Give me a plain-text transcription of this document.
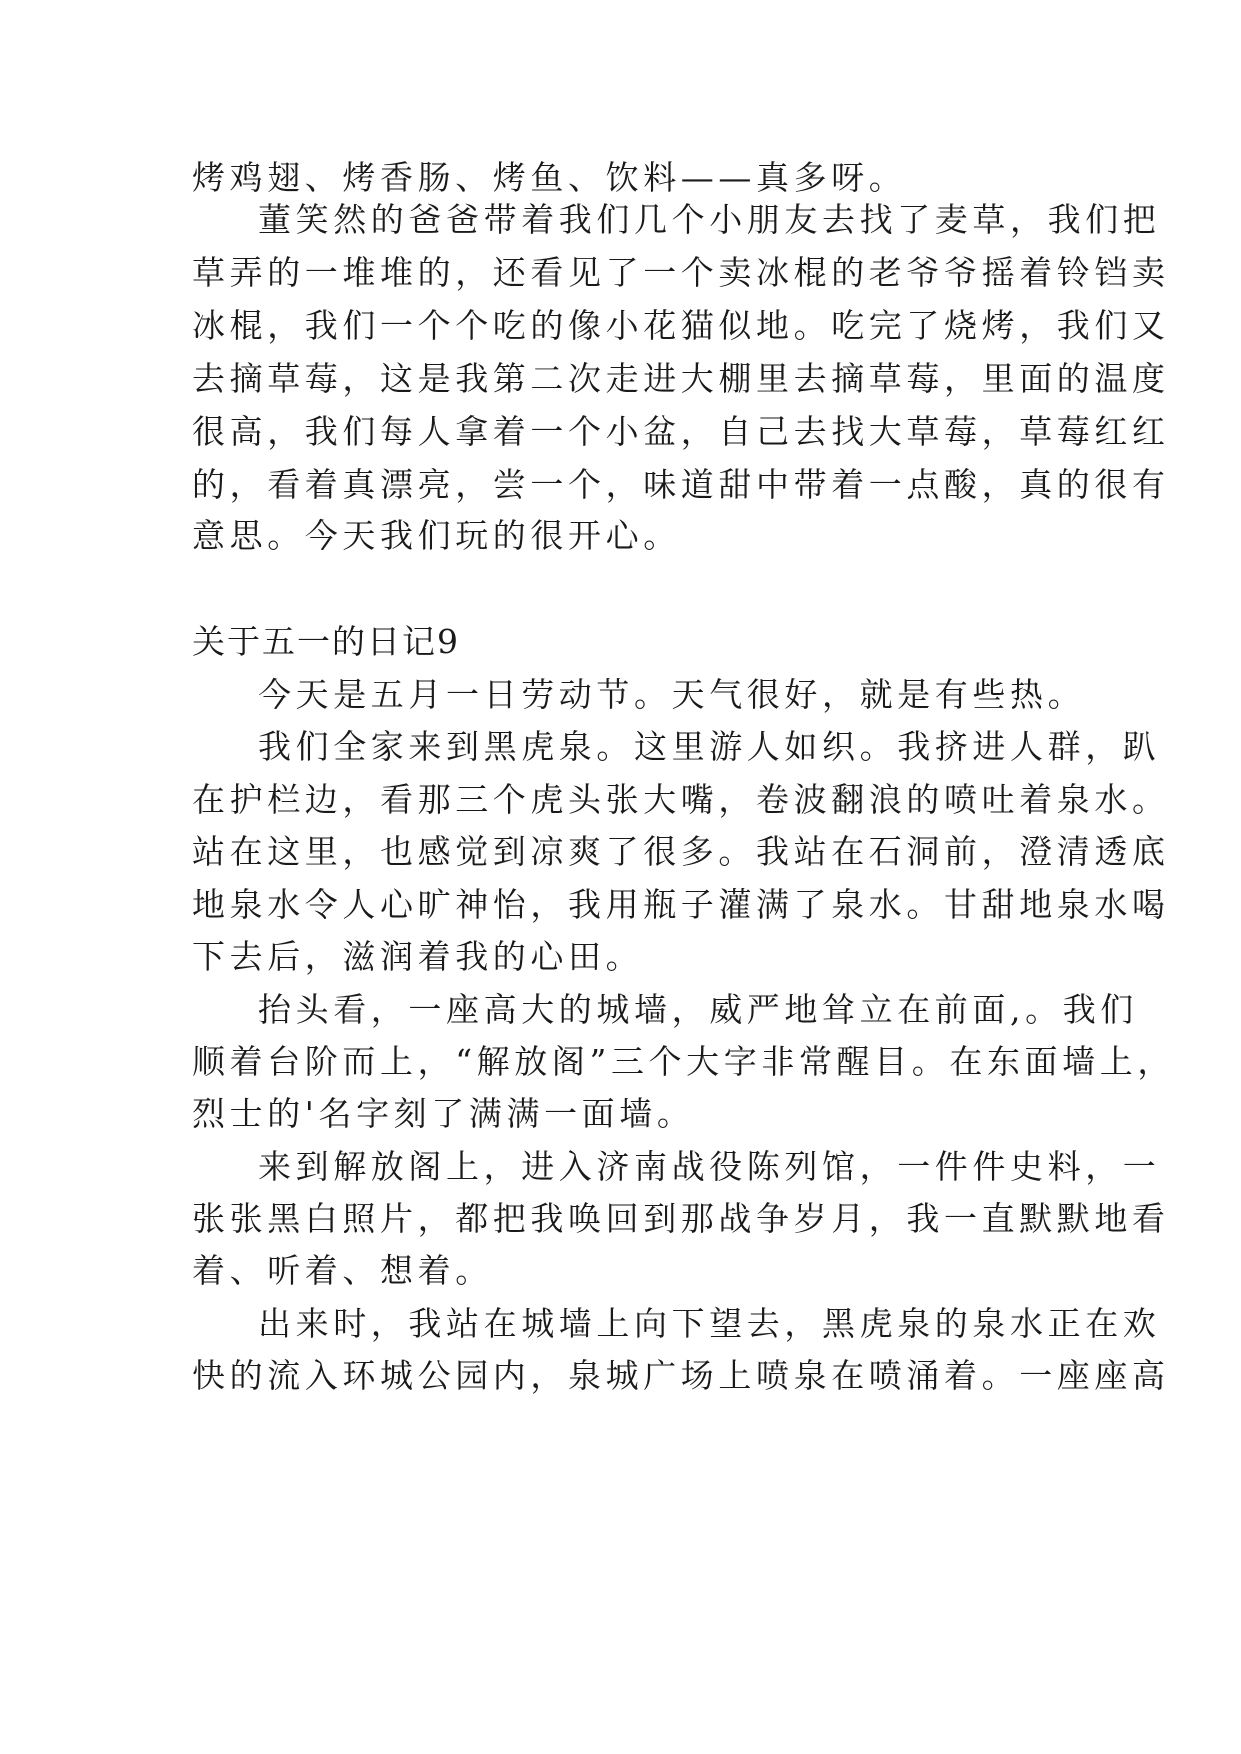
烤鸡翅、烤香肠、烤鱼、饮料——真多呀。
董笑然的爸爸带着我们几个小朋友去找了麦草，我们把
草弄的一堆堆的，还看见了一个卖冰棍的老爷爷摇着铃铛卖
冰棍，我们一个个吃的像小花猫似地。吃完了烧烤，我们又
去摘草莓，这是我第二次走进大棚里去摘草莓，里面的温度
很高，我们每人拿着一个小盆，自己去找大草莓，草莓红红
的，看着真漂亮，尝一个，味道甜中带着一点酸，真的很有
意思。今天我们玩的很开心。
关于五一的日记9
今天是五月一日劳动节。天气很好，就是有些热。
我们全家来到黑虎泉。这里游人如织。我挤进人群，趴
在护栏边，看那三个虎头张大嘴，卷波翻浪的喷吐着泉水。
站在这里，也感觉到凉爽了很多。我站在石洞前，澄清透底
地泉水令人心旷神怡，我用瓶子灌满了泉水。甘甜地泉水喝
下去后，滋润着我的心田。
抬头看，一座高大的城墙，威严地耸立在前面,。我们
顺着台阶而上，“解放阁”三个大字非常醒目。在东面墙上，
烈士的'名字刻了满满一面墙。
来到解放阁上，进入济南战役陈列馆，一件件史料，一
张张黑白照片，都把我唤回到那战争岁月，我一直默默地看
着、听着、想着。
出来时，我站在城墙上向下望去，黑虎泉的泉水正在欢
快的流入环城公园内，泉城广场上喷泉在喷涌着。一座座高
